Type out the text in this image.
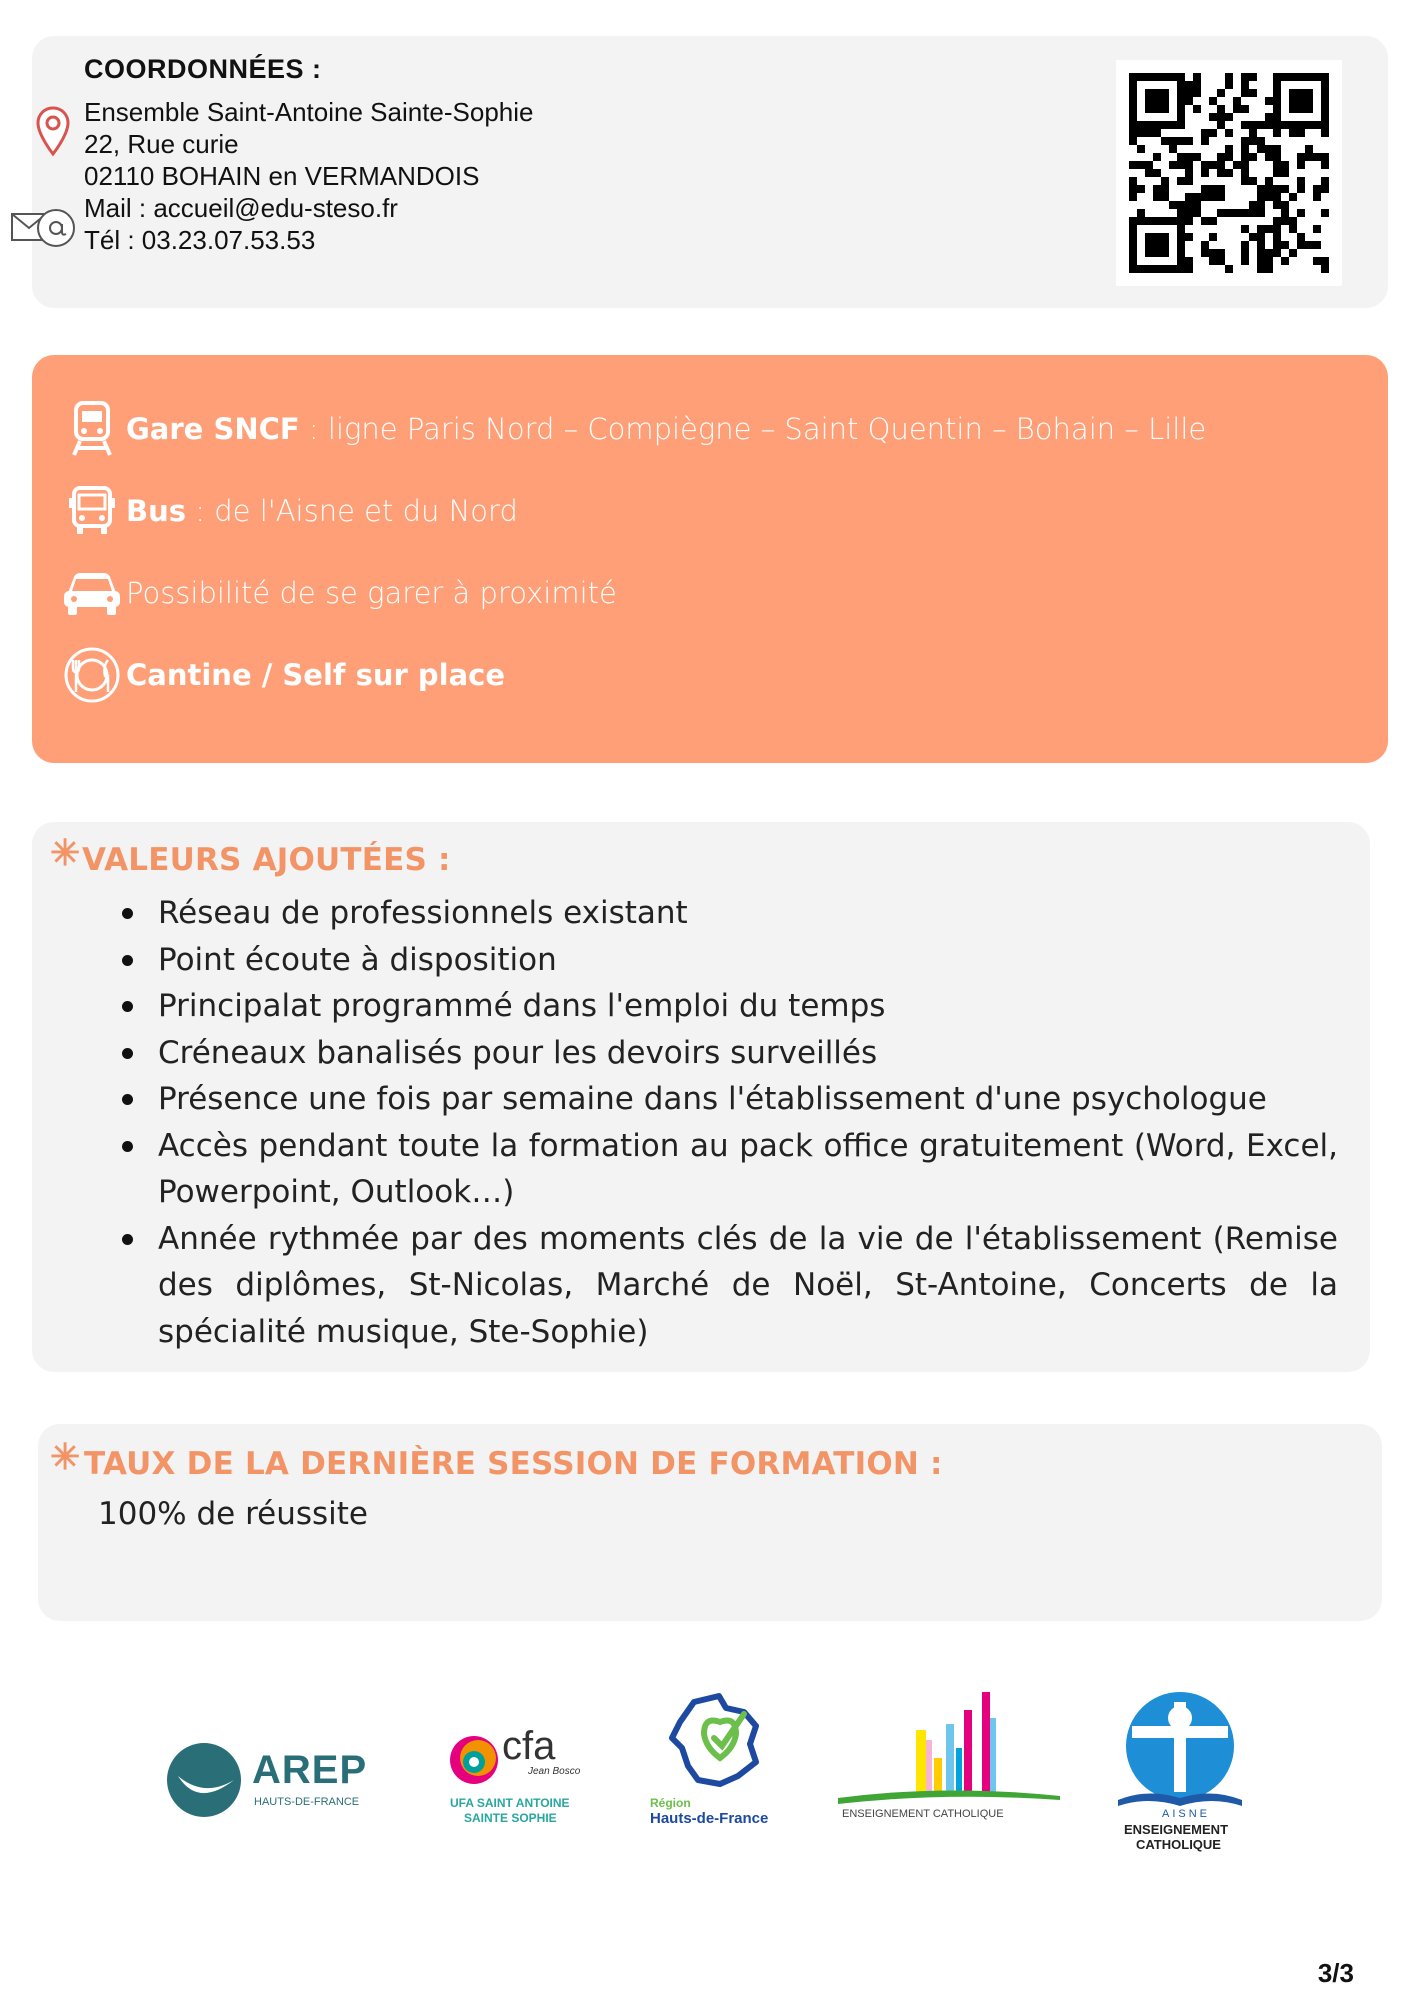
COORDONNÉES :
Ensemble Saint-Antoine Sainte-Sophie
22, Rue curie
02110 BOHAIN en VERMANDOIS
Mail : accueil@edu-steso.fr
Tél : 03.23.07.53.53
Gare SNCF : ligne Paris Nord – Compiègne – Saint Quentin – Bohain – Lille
Bus : de l'Aisne et du Nord
Possibilité de se garer à proximité
Cantine / Self sur place
✳ VALEURS AJOUTÉES :
Réseau de professionnels existant
Point écoute à disposition
Principalat programmé dans l'emploi du temps
Créneaux banalisés pour les devoirs surveillés
Présence une fois par semaine dans l'établissement d'une psychologue
Accès pendant toute la formation au pack office gratuitement (Word, Excel, Powerpoint, Outlook…)
Année rythmée par des moments clés de la vie de l'établissement (Remise des diplômes, St-Nicolas, Marché de Noël, St-Antoine, Concerts de la spécialité musique, Ste-Sophie)
✳ TAUX DE LA DERNIÈRE SESSION DE FORMATION :
100% de réussite
AREP
HAUTS-DE-FRANCE
cfa
Jean Bosco
UFA SAINT ANTOINE
SAINTE SOPHIE
Région
Hauts-de-France	ENSEIGNEMENT CATHOLIQUE	AISNE
ENSEIGNEMENT
CATHOLIQUE
3/3
